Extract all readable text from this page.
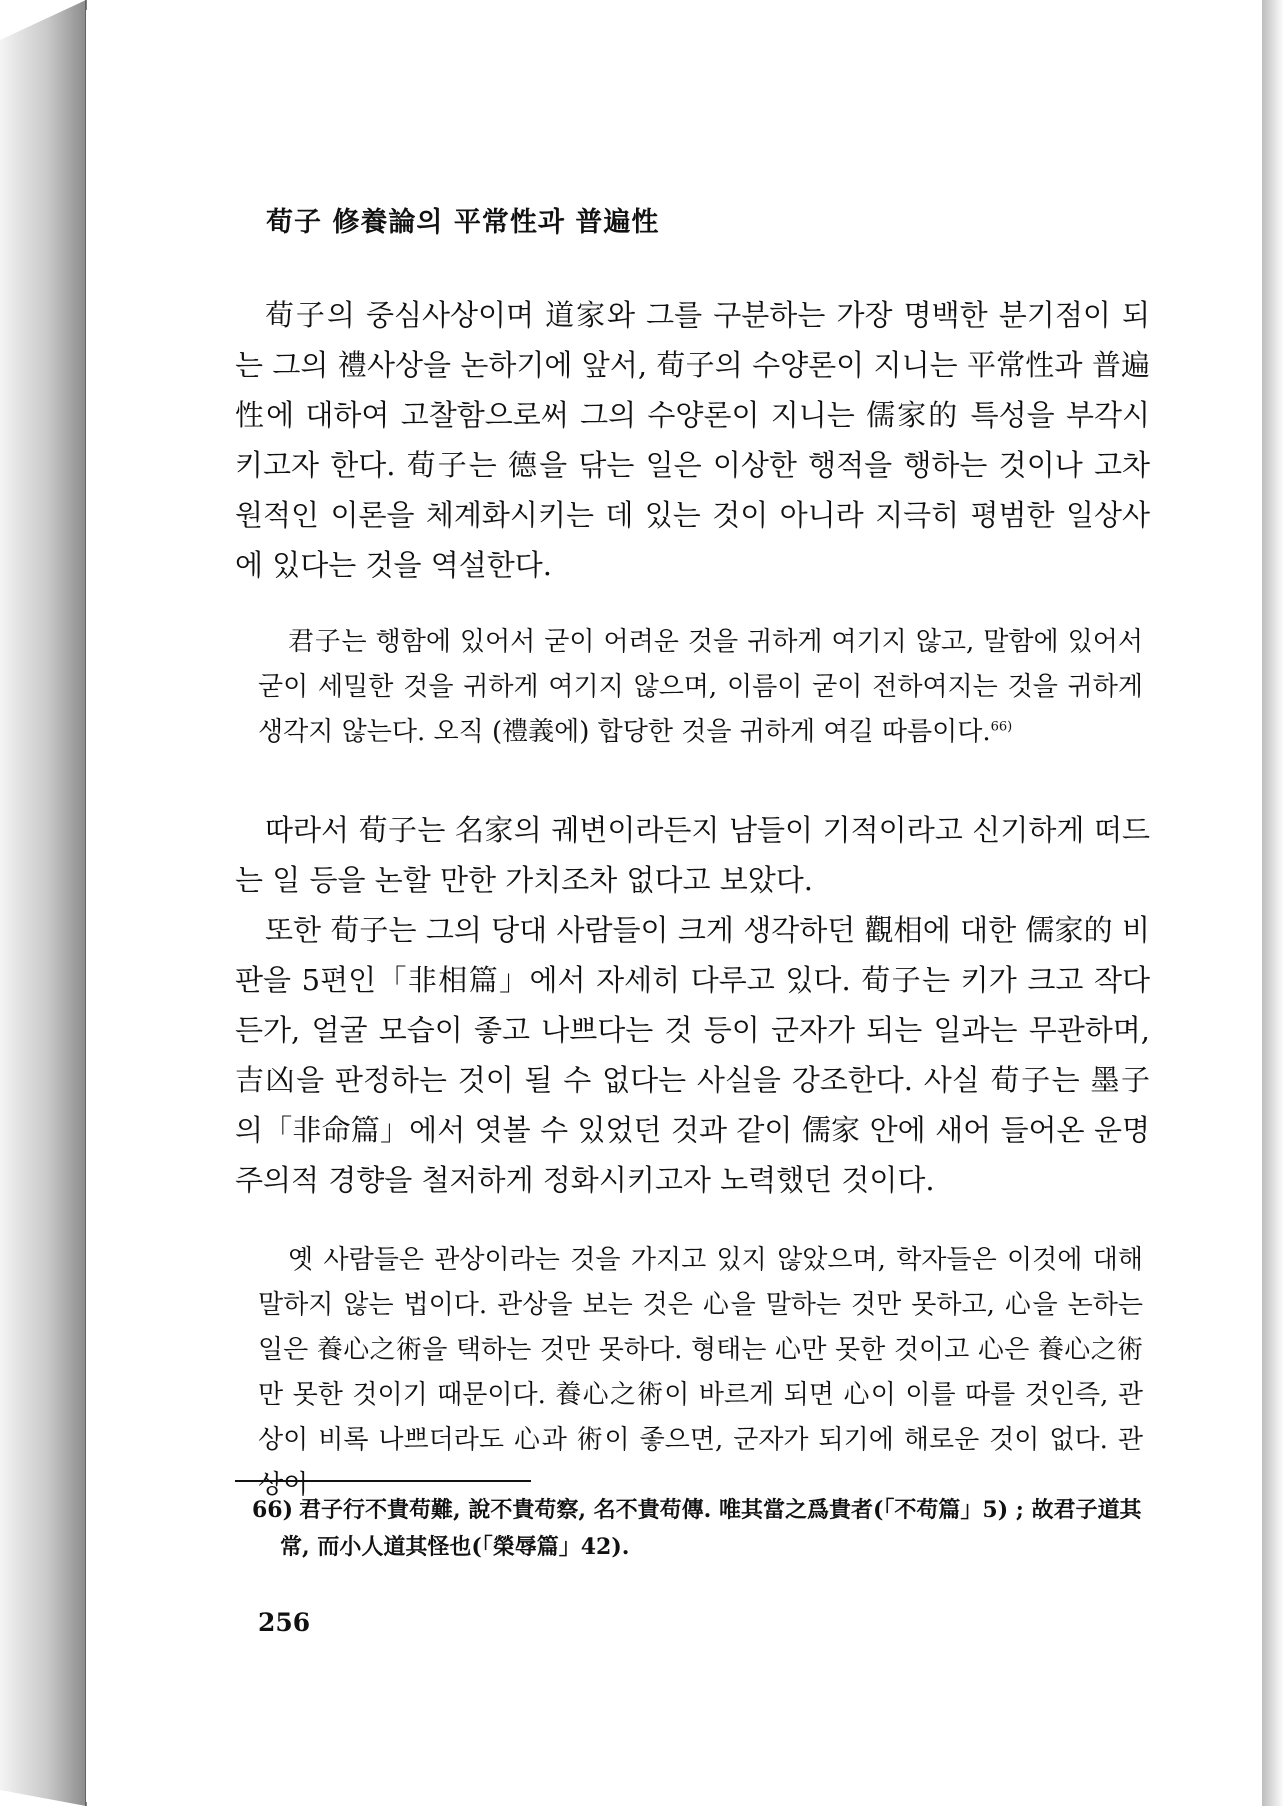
荀子 修養論의 平常性과 普遍性

荀子의 중심사상이며 道家와 그를 구분하는 가장 명백한 분기점이 되는 그의 禮사상을 논하기에 앞서, 荀子의 수양론이 지니는 平常性과 普遍性에 대하여 고찰함으로써 그의 수양론이 지니는 儒家的 특성을 부각시키고자 한다. 荀子는 德을 닦는 일은 이상한 행적을 행하는 것이나 고차원적인 이론을 체계화시키는 데 있는 것이 아니라 지극히 평범한 일상사에 있다는 것을 역설한다.

君子는 행함에 있어서 굳이 어려운 것을 귀하게 여기지 않고, 말함에 있어서 굳이 세밀한 것을 귀하게 여기지 않으며, 이름이 굳이 전하여지는 것을 귀하게 생각지 않는다. 오직 (禮義에) 합당한 것을 귀하게 여길 따름이다.$^{66)}$

따라서 荀子는 名家의 궤변이라든지 남들이 기적이라고 신기하게 떠드는 일 등을 논할 만한 가치조차 없다고 보았다.

또한 荀子는 그의 당대 사람들이 크게 생각하던 觀相에 대한 儒家的 비판을 5편인「非相篇」에서 자세히 다루고 있다. 荀子는 키가 크고 작다든가, 얼굴 모습이 좋고 나쁘다는 것 등이 군자가 되는 일과는 무관하며, 吉凶을 판정하는 것이 될 수 없다는 사실을 강조한다. 사실 荀子는 墨子의「非命篇」에서 엿볼 수 있었던 것과 같이 儒家 안에 새어 들어온 운명주의적 경향을 철저하게 정화시키고자 노력했던 것이다.

옛 사람들은 관상이라는 것을 가지고 있지 않았으며, 학자들은 이것에 대해 말하지 않는 법이다. 관상을 보는 것은 心을 말하는 것만 못하고, 心을 논하는 일은 養心之術을 택하는 것만 못하다. 형태는 心만 못한 것이고 心은 養心之術만 못한 것이기 때문이다. 養心之術이 바르게 되면 心이 이를 따를 것인즉, 관상이 비록 나쁘더라도 心과 術이 좋으면, 군자가 되기에 해로운 것이 없다. 관상이

66) 君子行不貴苟難, 說不貴苟察, 名不貴苟傳. 唯其當之爲貴者(「不苟篇」5) ; 故君子道其
常, 而小人道其怪也(「榮辱篇」42).

256
